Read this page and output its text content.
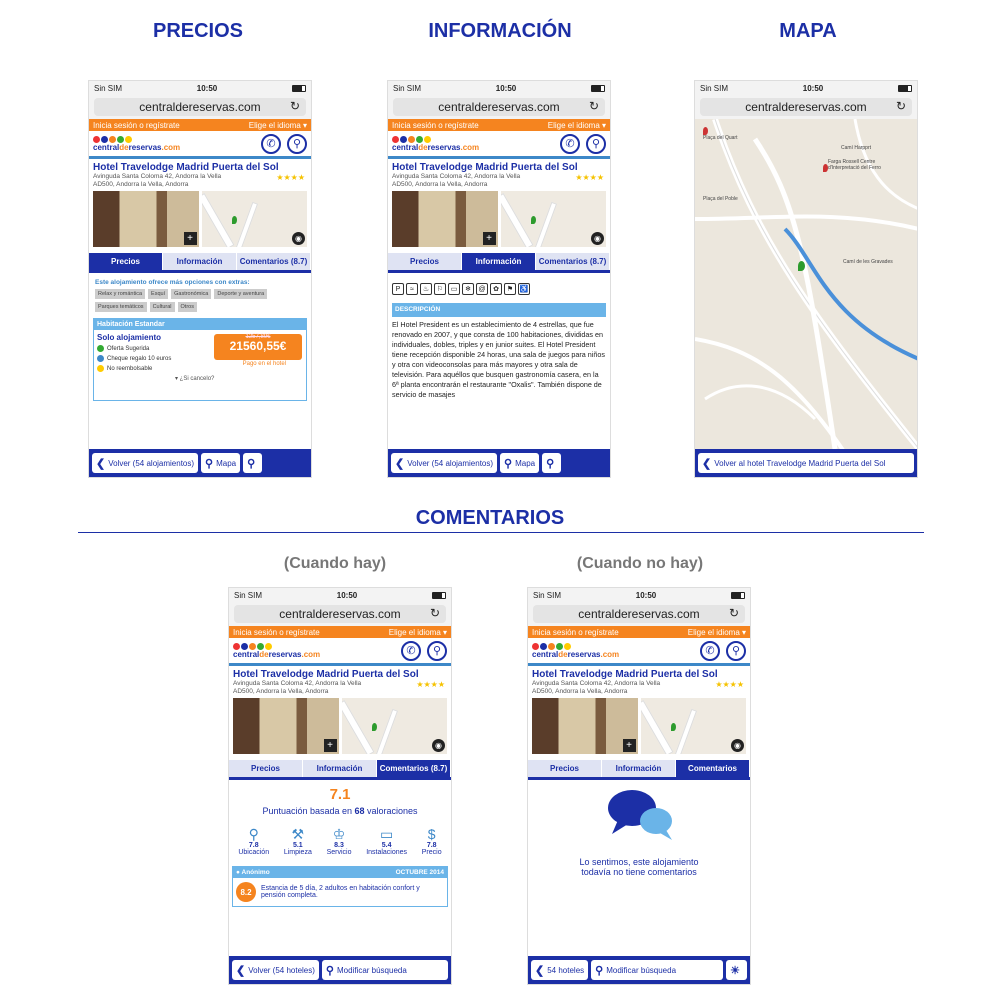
PRECIOS	INFORMACIÓN	MAPA
COMENTARIOS
(Cuando hay)	(Cuando no hay)
Sin SIM	10:50
centraldereservas.com ↻
Inicia sesión o regístrate	Elige el idioma ▾
centraldereservas.com	✆ ⚲
Hotel Travelodge Madrid Puerta del Sol
★★★★
Avinguda Santa Coloma 42, Andorra la Vella
AD500, Andorra la Vella, Andorra
+	◉
Precios	Información	Comentarios (8.7)
Este alojamiento ofrece más opciones con extras:
Relax y romántica	Esquí	Gastronómica	Deporte y aventura
Parques temáticos	Cultural	Otros
Habitación Estandar
Solo alojamiento
Oferta Sugerida
Cheque regalo 10 euros
No reembolsable
▾ ¿Si cancelo?
1257,89€
21560,55€
Pago en el hotel
❮ Volver (54 alojamientos) ⚲ Mapa ⚲
Sin SIM	10:50
centraldereservas.com ↻
Inicia sesión o regístrate	Elige el idioma ▾
centraldereservas.com	✆ ⚲
Hotel Travelodge Madrid Puerta del Sol
★★★★
Avinguda Santa Coloma 42, Andorra la Vella
AD500, Andorra la Vella, Andorra
+	◉
Precios	Información	Comentarios (8.7)
P	≈	♨	⚐	▭	❄	@	✿	⚑ ♿
DESCRIPCIÓN
El Hotel President es un establecimiento de 4 estrellas, que fue renovado en 2007, y que consta de 100 habitaciones, divididas en individuales, dobles, triples y en junior suites. El Hotel President tiene recepción disponible 24 horas, una sala de juegos para niños y otra con videoconsolas para más mayores y otra sala de televisión. Para aquéllos que busquen gastronomía casera, en la 6ª planta encontrarán el restaurante "Oxalis". También dispone de servicio de masajes
❮ Volver (54 alojamientos) ⚲ Mapa ⚲
Sin SIM	10:50
centraldereservas.com ↻
Farga Rossell Centre d'Interpretació del Ferro
Camí Harpprt
Plaça del Poble
Camí de les Gravades
Plaça del Quart
❮ Volver al hotel Travelodge Madrid Puerta del Sol
Sin SIM	10:50
centraldereservas.com ↻
Inicia sesión o regístrate	Elige el idioma ▾
centraldereservas.com	✆ ⚲
Hotel Travelodge Madrid Puerta del Sol
★★★★
Avinguda Santa Coloma 42, Andorra la Vella
AD500, Andorra la Vella, Andorra
+	◉
Precios	Información	Comentarios (8.7)
7.1
Puntuación basada en 68 valoraciones
⚲
7.8
Ubicación
⚒
5.1
Limpieza
♔
8.3
Servicio
▭
5.4
Instalaciones
$
7.8
Precio
● Anónimo	OCTUBRE 2014
8.2	Estancia de 5 día, 2 adultos en habitación confort y pensión completa.
❮ Volver (54 hoteles) ⚲ Modificar búsqueda
Sin SIM	10:50
centraldereservas.com ↻
Inicia sesión o regístrate	Elige el idioma ▾
centraldereservas.com	✆ ⚲
Hotel Travelodge Madrid Puerta del Sol
★★★★
Avinguda Santa Coloma 42, Andorra la Vella
AD500, Andorra la Vella, Andorra
+	◉
Precios	Información	Comentarios
Lo sentimos, este alojamiento
todavía no tiene comentarios
❮ 54 hoteles ⚲ Modificar búsqueda	☀
